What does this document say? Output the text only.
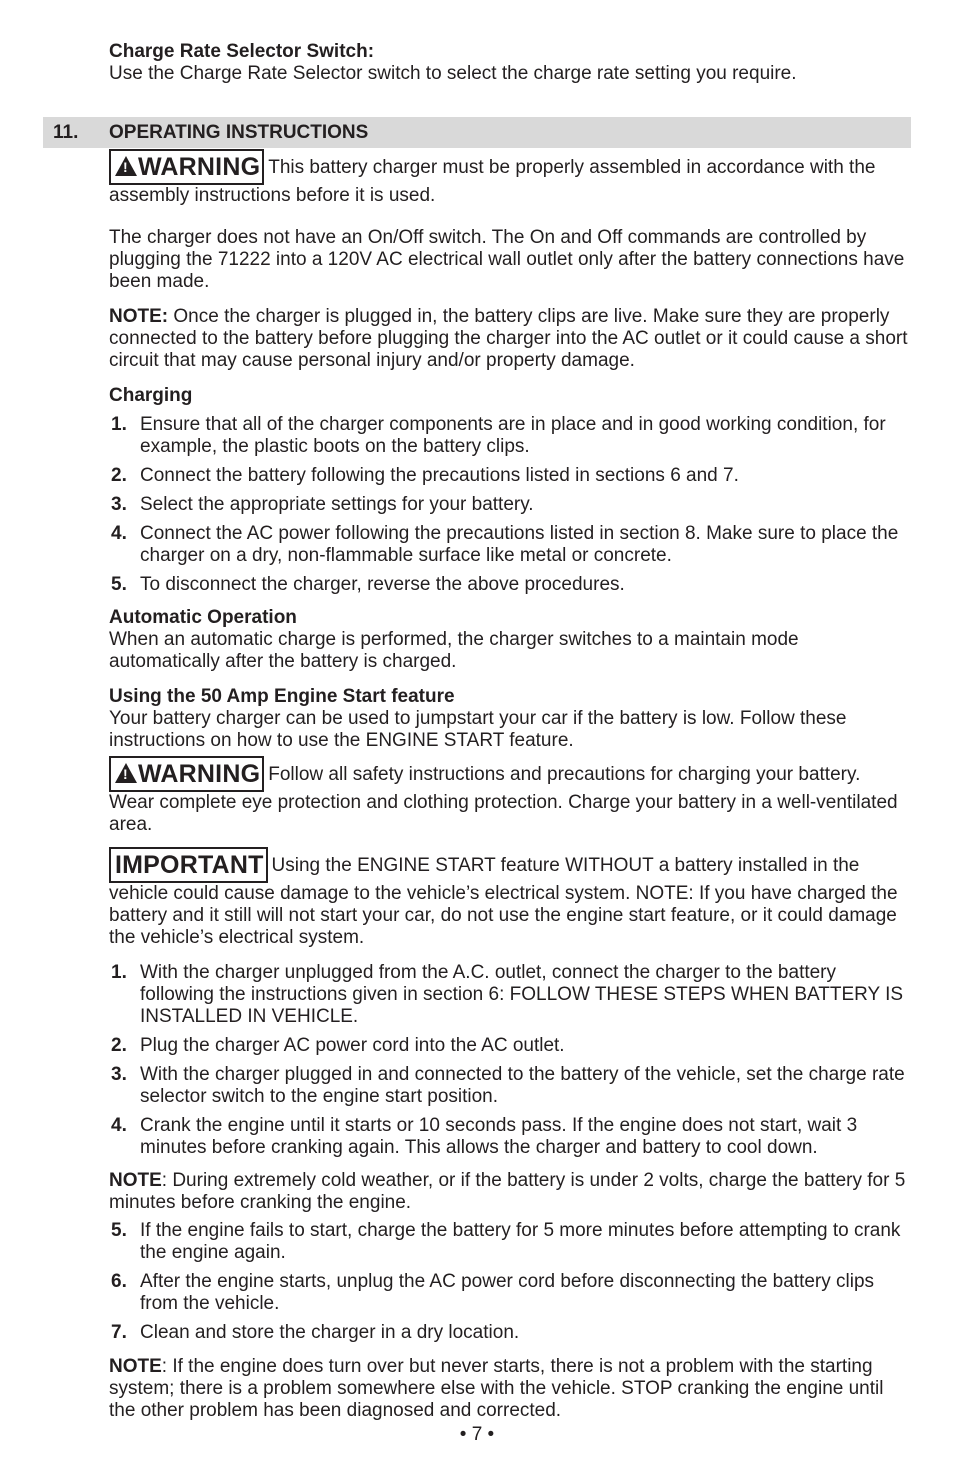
Charge Rate Selector Switch:

Use the Charge Rate Selector switch to select the charge rate setting you require.

11. OPERATING INSTRUCTIONS

! WARNING This battery charger must be properly assembled in accordance with the assembly instructions before it is used.

The charger does not have an On/Off switch. The On and Off commands are controlled by plugging the 71222 into a 120V AC electrical wall outlet only after the battery connections have been made.

NOTE: Once the charger is plugged in, the battery clips are live. Make sure they are properly connected to the battery before plugging the charger into the AC outlet or it could cause a short circuit that may cause personal injury and/or property damage.

Charging

1. Ensure that all of the charger components are in place and in good working condition, for example, the plastic boots on the battery clips.
2. Connect the battery following the precautions listed in sections 6 and 7.
3. Select the appropriate settings for your battery.
4. Connect the AC power following the precautions listed in section 8. Make sure to place the charger on a dry, non-flammable surface like metal or concrete.
5. To disconnect the charger, reverse the above procedures.

Automatic Operation

When an automatic charge is performed, the charger switches to a maintain mode automatically after the battery is charged.

Using the 50 Amp Engine Start feature

Your battery charger can be used to jumpstart your car if the battery is low. Follow these instructions on how to use the ENGINE START feature.

! WARNING Follow all safety instructions and precautions for charging your battery. Wear complete eye protection and clothing protection. Charge your battery in a well-ventilated area.

IMPORTANT Using the ENGINE START feature WITHOUT a battery installed in the vehicle could cause damage to the vehicle’s electrical system. NOTE: If you have charged the battery and it still will not start your car, do not use the engine start feature, or it could damage the vehicle’s electrical system.

1. With the charger unplugged from the A.C. outlet, connect the charger to the battery following the instructions given in section 6: FOLLOW THESE STEPS WHEN BATTERY IS INSTALLED IN VEHICLE.
2. Plug the charger AC power cord into the AC outlet.
3. With the charger plugged in and connected to the battery of the vehicle, set the charge rate selector switch to the engine start position.
4. Crank the engine until it starts or 10 seconds pass. If the engine does not start, wait 3 minutes before cranking again. This allows the charger and battery to cool down.

NOTE: During extremely cold weather, or if the battery is under 2 volts, charge the battery for 5 minutes before cranking the engine.

5. If the engine fails to start, charge the battery for 5 more minutes before attempting to crank the engine again.
6. After the engine starts, unplug the AC power cord before disconnecting the battery clips from the vehicle.
7. Clean and store the charger in a dry location.

NOTE: If the engine does turn over but never starts, there is not a problem with the starting system; there is a problem somewhere else with the vehicle. STOP cranking the engine until the other problem has been diagnosed and corrected.

• 7 •
